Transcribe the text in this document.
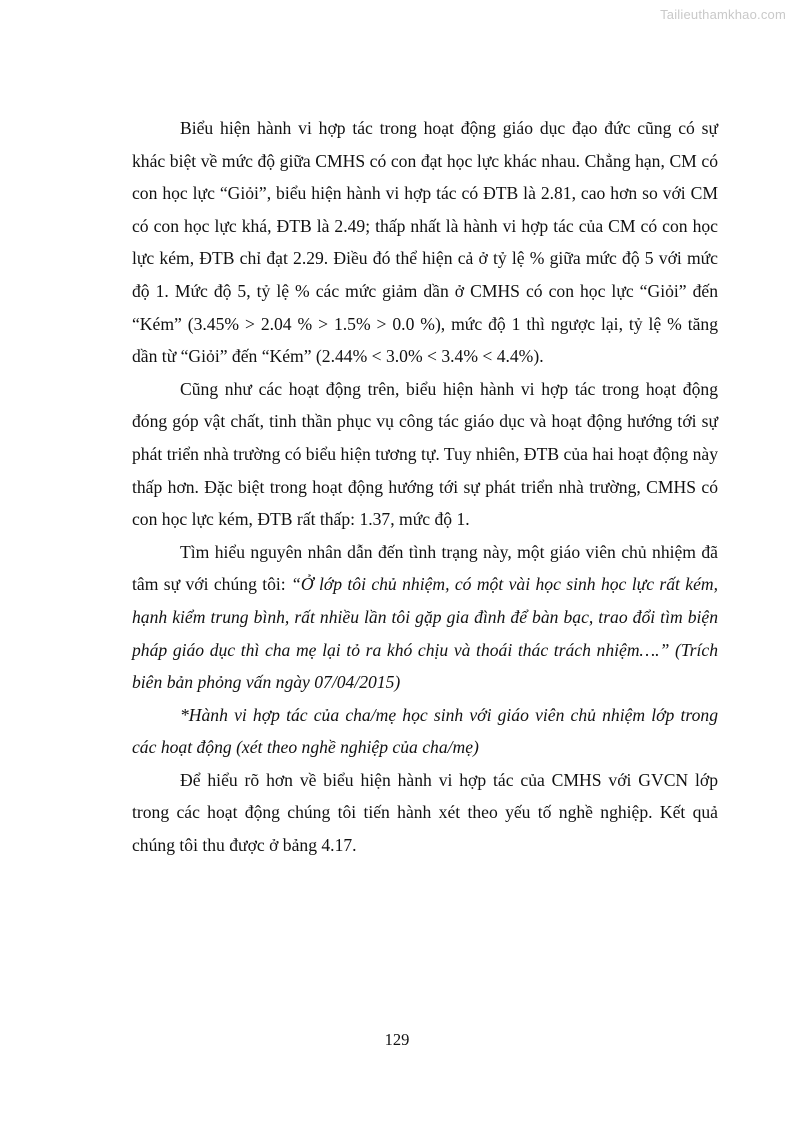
Tailieuthamkhao.com

Biểu hiện hành vi hợp tác trong hoạt động giáo dục đạo đức cũng có sự khác biệt về mức độ giữa CMHS có con đạt học lực khác nhau. Chẳng hạn, CM có con học lực “Giỏi”, biểu hiện hành vi hợp tác có ĐTB là 2.81, cao hơn so với CM có con học lực khá, ĐTB là 2.49; thấp nhất là hành vi hợp tác của CM có con học lực kém, ĐTB chỉ đạt 2.29. Điều đó thể hiện cả ở tỷ lệ % giữa mức độ 5 với mức độ 1. Mức độ 5, tỷ lệ % các mức giảm dần ở CMHS có con học lực “Giỏi” đến “Kém” (3.45% > 2.04 % > 1.5% > 0.0 %), mức độ 1 thì ngược lại, tỷ lệ % tăng dần từ “Giỏi” đến “Kém” (2.44% < 3.0% < 3.4% < 4.4%).

Cũng như các hoạt động trên, biểu hiện hành vi hợp tác trong hoạt động đóng góp vật chất, tinh thần phục vụ công tác giáo dục và hoạt động hướng tới sự phát triển nhà trường có biểu hiện tương tự. Tuy nhiên, ĐTB của hai hoạt động này thấp hơn. Đặc biệt trong hoạt động hướng tới sự phát triển nhà trường, CMHS có con học lực kém, ĐTB rất thấp: 1.37, mức độ 1.

Tìm hiểu nguyên nhân dẫn đến tình trạng này, một giáo viên chủ nhiệm đã tâm sự với chúng tôi: “Ở lớp tôi chủ nhiệm, có một vài học sinh học lực rất kém, hạnh kiểm trung bình, rất nhiều lần tôi gặp gia đình để bàn bạc, trao đổi tìm biện pháp giáo dục thì cha mẹ lại tỏ ra khó chịu và thoái thác trách nhiệm….” (Trích biên bản phỏng vấn ngày 07/04/2015)

*Hành vi hợp tác của cha/mẹ học sinh với giáo viên chủ nhiệm lớp trong các hoạt động (xét theo nghề nghiệp của cha/mẹ)

Để hiểu rõ hơn về biểu hiện hành vi hợp tác của CMHS với GVCN lớp trong các hoạt động chúng tôi tiến hành xét theo yếu tố nghề nghiệp. Kết quả chúng tôi thu được ở bảng 4.17.

129
